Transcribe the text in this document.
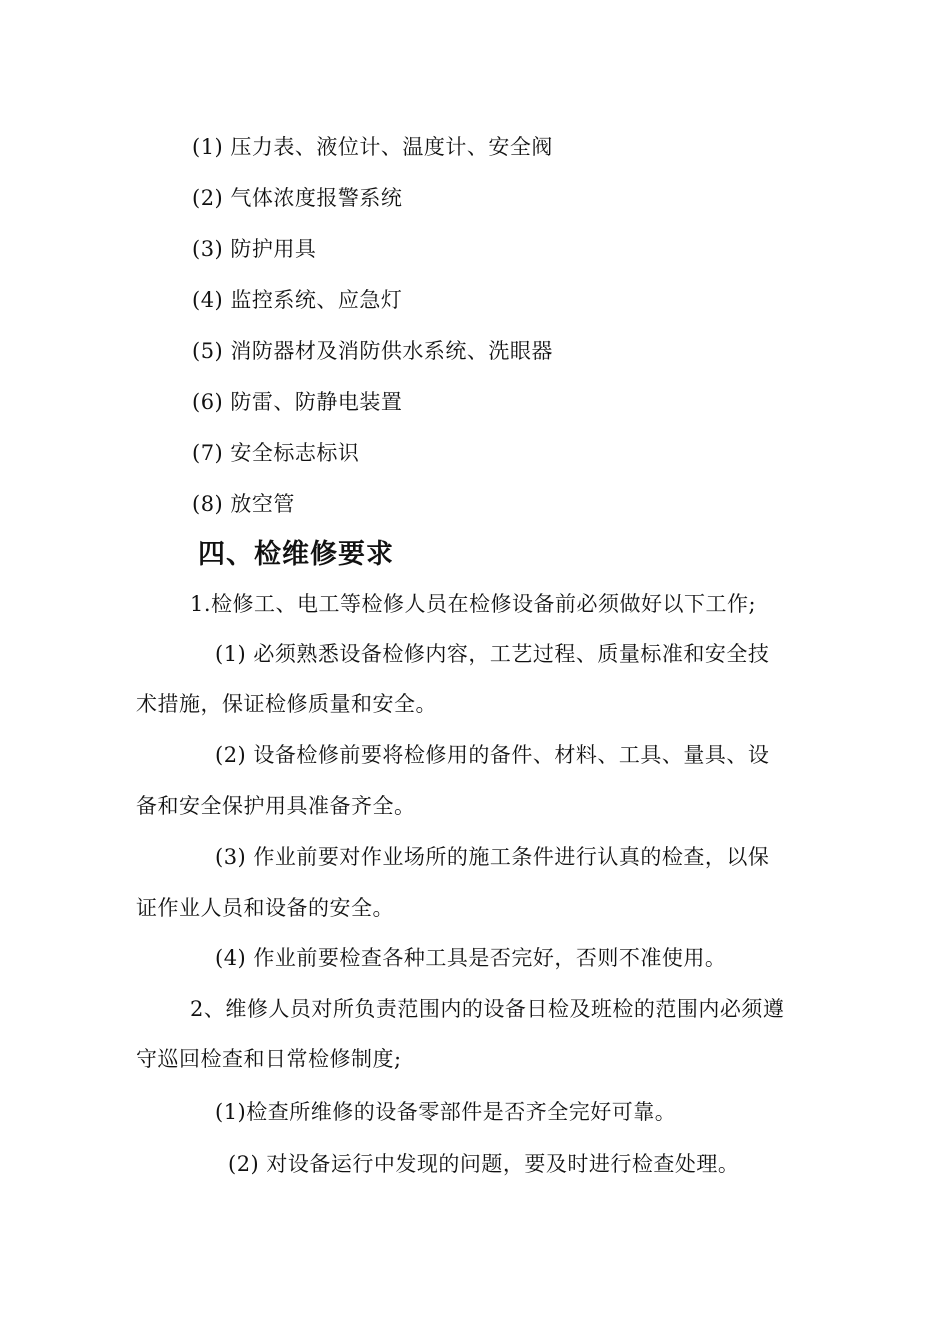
(1) 压力表、液位计、温度计、安全阀
(2) 气体浓度报警系统
(3) 防护用具
(4) 监控系统、应急灯
(5) 消防器材及消防供水系统、洗眼器
(6) 防雷、防静电装置
(7) 安全标志标识
(8) 放空管
四、检维修要求
1.检修工、电工等检修人员在检修设备前必须做好以下工作;
(1) 必须熟悉设备检修内容，工艺过程、质量标准和安全技
术措施，保证检修质量和安全。
(2) 设备检修前要将检修用的备件、材料、工具、量具、设
备和安全保护用具准备齐全。
(3) 作业前要对作业场所的施工条件进行认真的检查，以保
证作业人员和设备的安全。
(4) 作业前要检查各种工具是否完好，否则不准使用。
2、维修人员对所负责范围内的设备日检及班检的范围内必须遵
守巡回检查和日常检修制度;
(1)检查所维修的设备零部件是否齐全完好可靠。
(2) 对设备运行中发现的问题，要及时进行检查处理。
